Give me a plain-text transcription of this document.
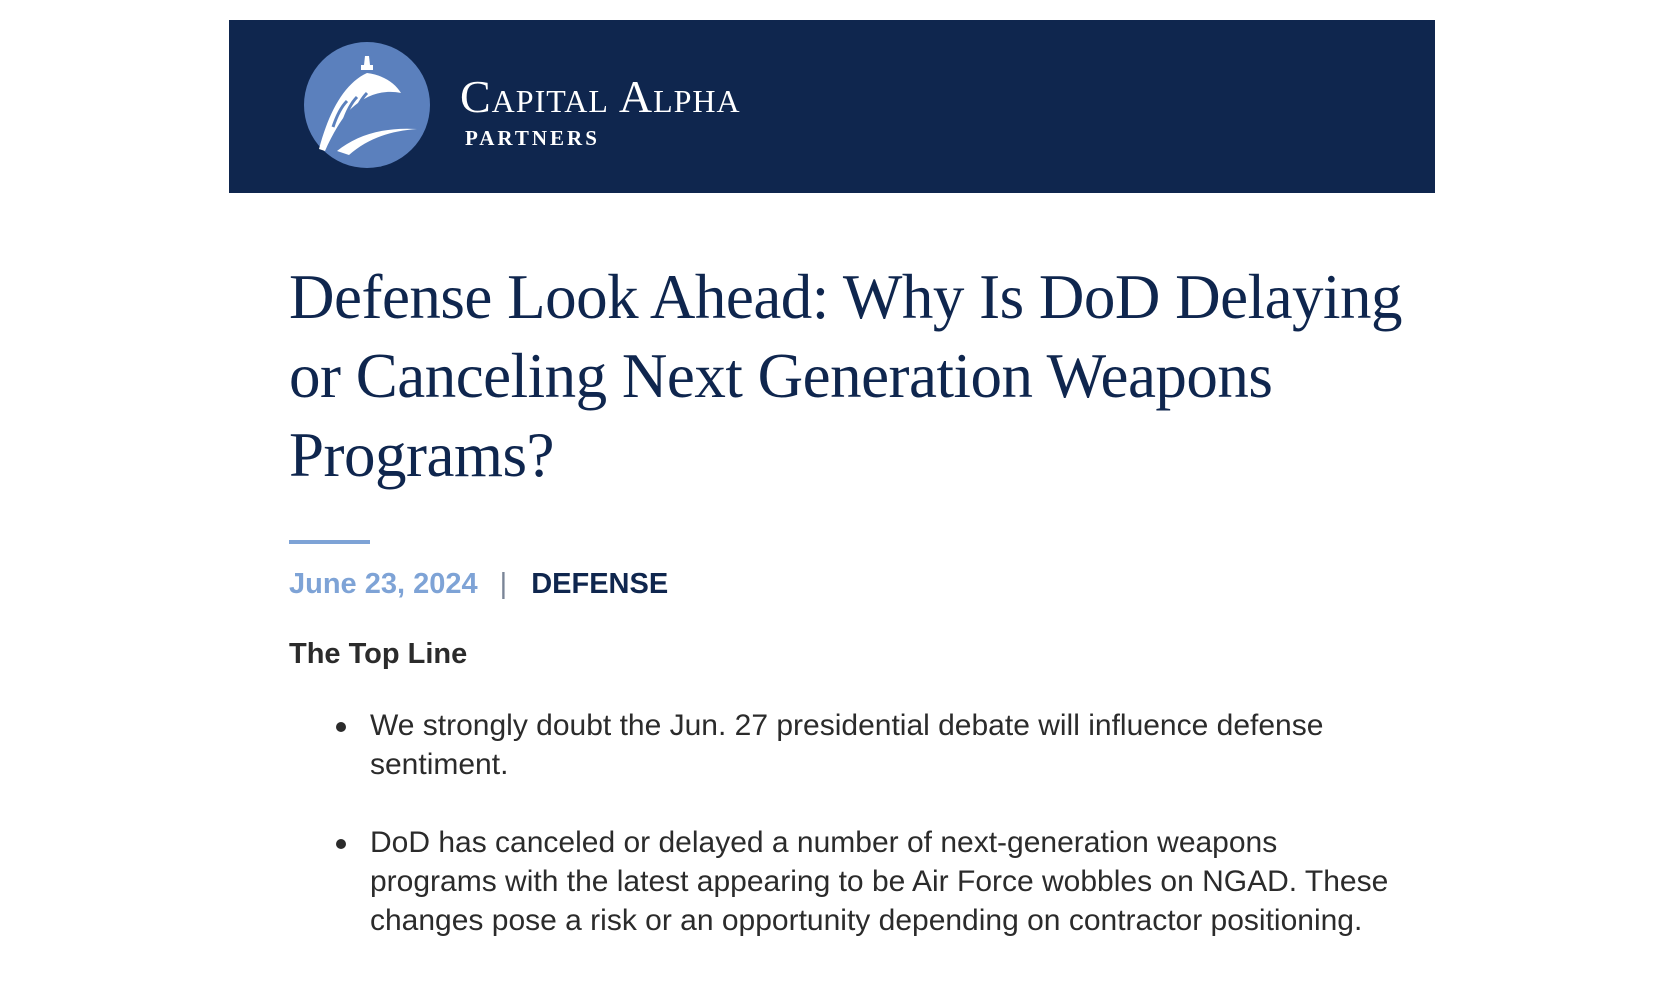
Capital Alpha
PARTNERS
Defense Look Ahead: Why Is DoD Delaying or Canceling Next Generation Weapons Programs?
June 23, 2024 | DEFENSE
The Top Line
We strongly doubt the Jun. 27 presidential debate will influence defense sentiment.
DoD has canceled or delayed a number of next-generation weapons programs with the latest appearing to be Air Force wobbles on NGAD. These changes pose a risk or an opportunity depending on contractor positioning.
